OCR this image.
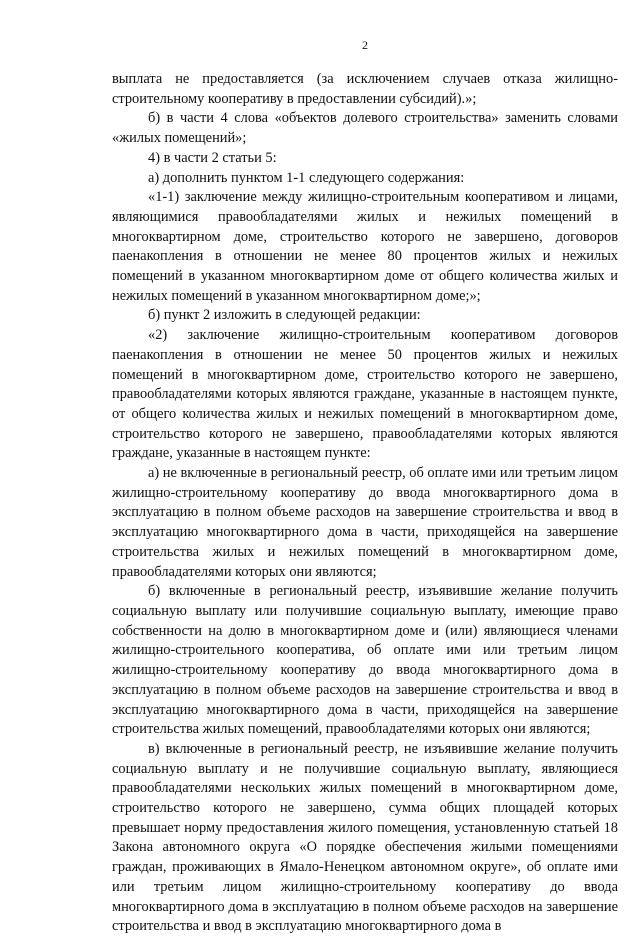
2

выплата не предоставляется (за исключением случаев отказа жилищно-строительному кооперативу в предоставлении субсидий).»;

б) в части 4 слова «объектов долевого строительства» заменить словами «жилых помещений»;

4) в части 2 статьи 5:

а) дополнить пунктом 1-1 следующего содержания:

«1-1) заключение между жилищно-строительным кооперативом и лицами, являющимися правообладателями жилых и нежилых помещений в многоквартирном доме, строительство которого не завершено, договоров паенакопления в отношении не менее 80 процентов жилых и нежилых помещений в указанном многоквартирном доме от общего количества жилых и нежилых помещений в указанном многоквартирном доме;»;

б) пункт 2 изложить в следующей редакции:

«2) заключение жилищно-строительным кооперативом договоров паенакопления в отношении не менее 50 процентов жилых и нежилых помещений в многоквартирном доме, строительство которого не завершено, правообладателями которых являются граждане, указанные в настоящем пункте, от общего количества жилых и нежилых помещений в многоквартирном доме, строительство которого не завершено, правообладателями которых являются граждане, указанные в настоящем пункте:

а) не включенные в региональный реестр, об оплате ими или третьим лицом жилищно-строительному кооперативу до ввода многоквартирного дома в эксплуатацию в полном объеме расходов на завершение строительства и ввод в эксплуатацию многоквартирного дома в части, приходящейся на завершение строительства жилых и нежилых помещений в многоквартирном доме, правообладателями которых они являются;

б) включенные в региональный реестр, изъявившие желание получить социальную выплату или получившие социальную выплату, имеющие право собственности на долю в многоквартирном доме и (или) являющиеся членами жилищно-строительного кооператива, об оплате ими или третьим лицом жилищно-строительному кооперативу до ввода многоквартирного дома в эксплуатацию в полном объеме расходов на завершение строительства и ввод в эксплуатацию многоквартирного дома в части, приходящейся на завершение строительства жилых помещений, правообладателями которых они являются;

в) включенные в региональный реестр, не изъявившие желание получить социальную выплату и не получившие социальную выплату, являющиеся правообладателями нескольких жилых помещений в многоквартирном доме, строительство которого не завершено, сумма общих площадей которых превышает норму предоставления жилого помещения, установленную статьей 18 Закона автономного округа «О порядке обеспечения жилыми помещениями граждан, проживающих в Ямало-Ненецком автономном округе», об оплате ими или третьим лицом жилищно-строительному кооперативу до ввода многоквартирного дома в эксплуатацию в полном объеме расходов на завершение строительства и ввод в эксплуатацию многоквартирного дома в
